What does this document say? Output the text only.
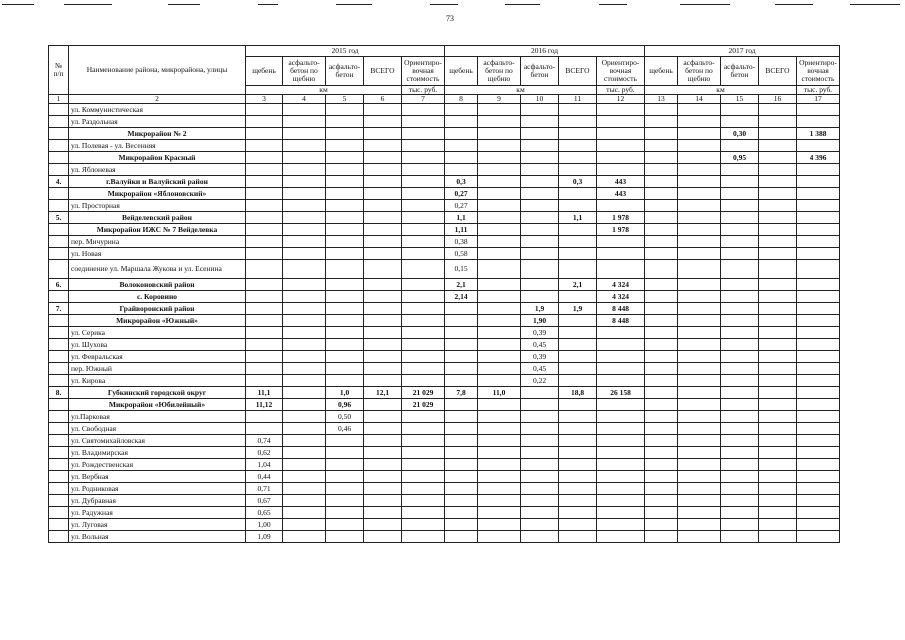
73
№ п/п	Наименование района, микрорайона, улицы	2015 год					2016 год					2017 год				
		щебень	асфальто-бетон по щебню	асфальто-бетон	ВСЕГО	Ориентиро-вочная стоимость	щебень	асфальто-бетон по щебню	асфальто-бетон	ВСЕГО	Ориентиро-вочная стоимость	щебень	асфальто-бетон по щебню	асфальто-бетон	ВСЕГО	Ориентиро-вочная стоимость
		км				тыс. руб.	км				тыс. руб.	км				тыс. руб.
1	2	3	4	5	6	7	8	9	10	11	12	13	14	15	16	17
	ул. Коммунистическая															
	ул. Раздольная															
	Микрорайон № 2													0,30		1 388
	ул. Полевая - ул. Весенняя															
	Микрорайон Красный													0,95		4 396
	ул. Яблоневая															
4.	г.Валуйки и Валуйский район						0,3			0,3	443					
	Микрорайон «Яблоновский»						0,27				443					
	ул. Просторная						0,27									
5.	Вейделевский район						1,1			1,1	1 978					
	Микрорайон ИЖС № 7 Вейделевка						1,11				1 978					
	пер. Мичурина						0,38									
	ул. Новая						0,58									
	соединение ул. Маршала Жукова и ул. Есенина						0,15									
6.	Волоконовский район						2,1			2,1	4 324					
	с. Коровино						2,14				4 324					
7.	Грайворонский район								1,9	1,9	8 448					
	Микрорайон «Южный»								1,90		8 448					
	ул. Серика								0,39							
	ул. Шухова								0,45							
	ул. Февральская								0,39							
	пер. Южный								0,45							
	ул. Кирова								0,22							
8.	Губкинский городской округ	11,1		1,0	12,1	21 029	7,8	11,0		18,8	26 158					
	Микрорайон «Юбилейный»	11,12		0,96		21 029										
	ул.Парковая			0,50												
	ул. Свободная			0,46												
	ул. Святомихайловская	0,74														
	ул. Владимирская	0,62														
	ул. Рождественская	1,04														
	ул. Вербная	0,44														
	ул. Родниковая	0,71														
	ул. Дубравная	0,67														
	ул. Радужная	0,65														
	ул. Луговая	1,00														
	ул. Вольная	1,09														
